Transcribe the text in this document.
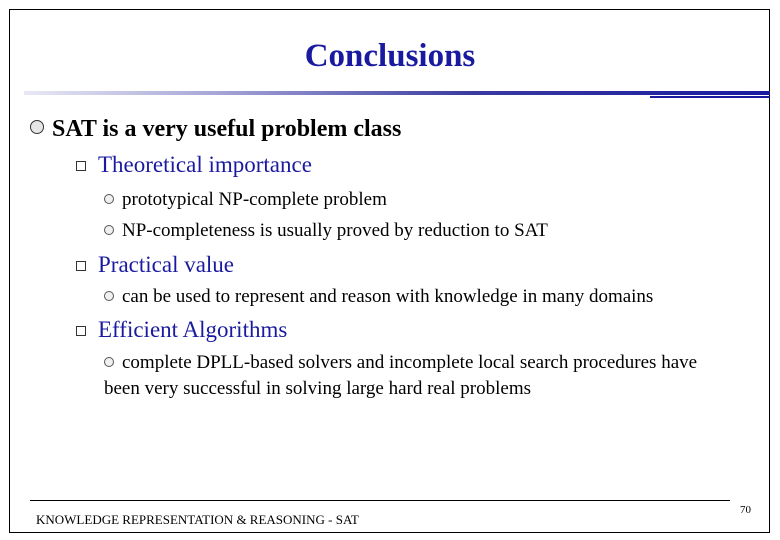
Conclusions
SAT is a very useful problem class
Theoretical importance
prototypical NP-complete problem
NP-completeness is usually proved by reduction to SAT
Practical value
can be used to represent and reason with knowledge in many domains
Efficient Algorithms
complete DPLL-based solvers and incomplete local search procedures have been very successful in solving large hard real problems
KNOWLEDGE REPRESENTATION & REASONING - SAT
70
